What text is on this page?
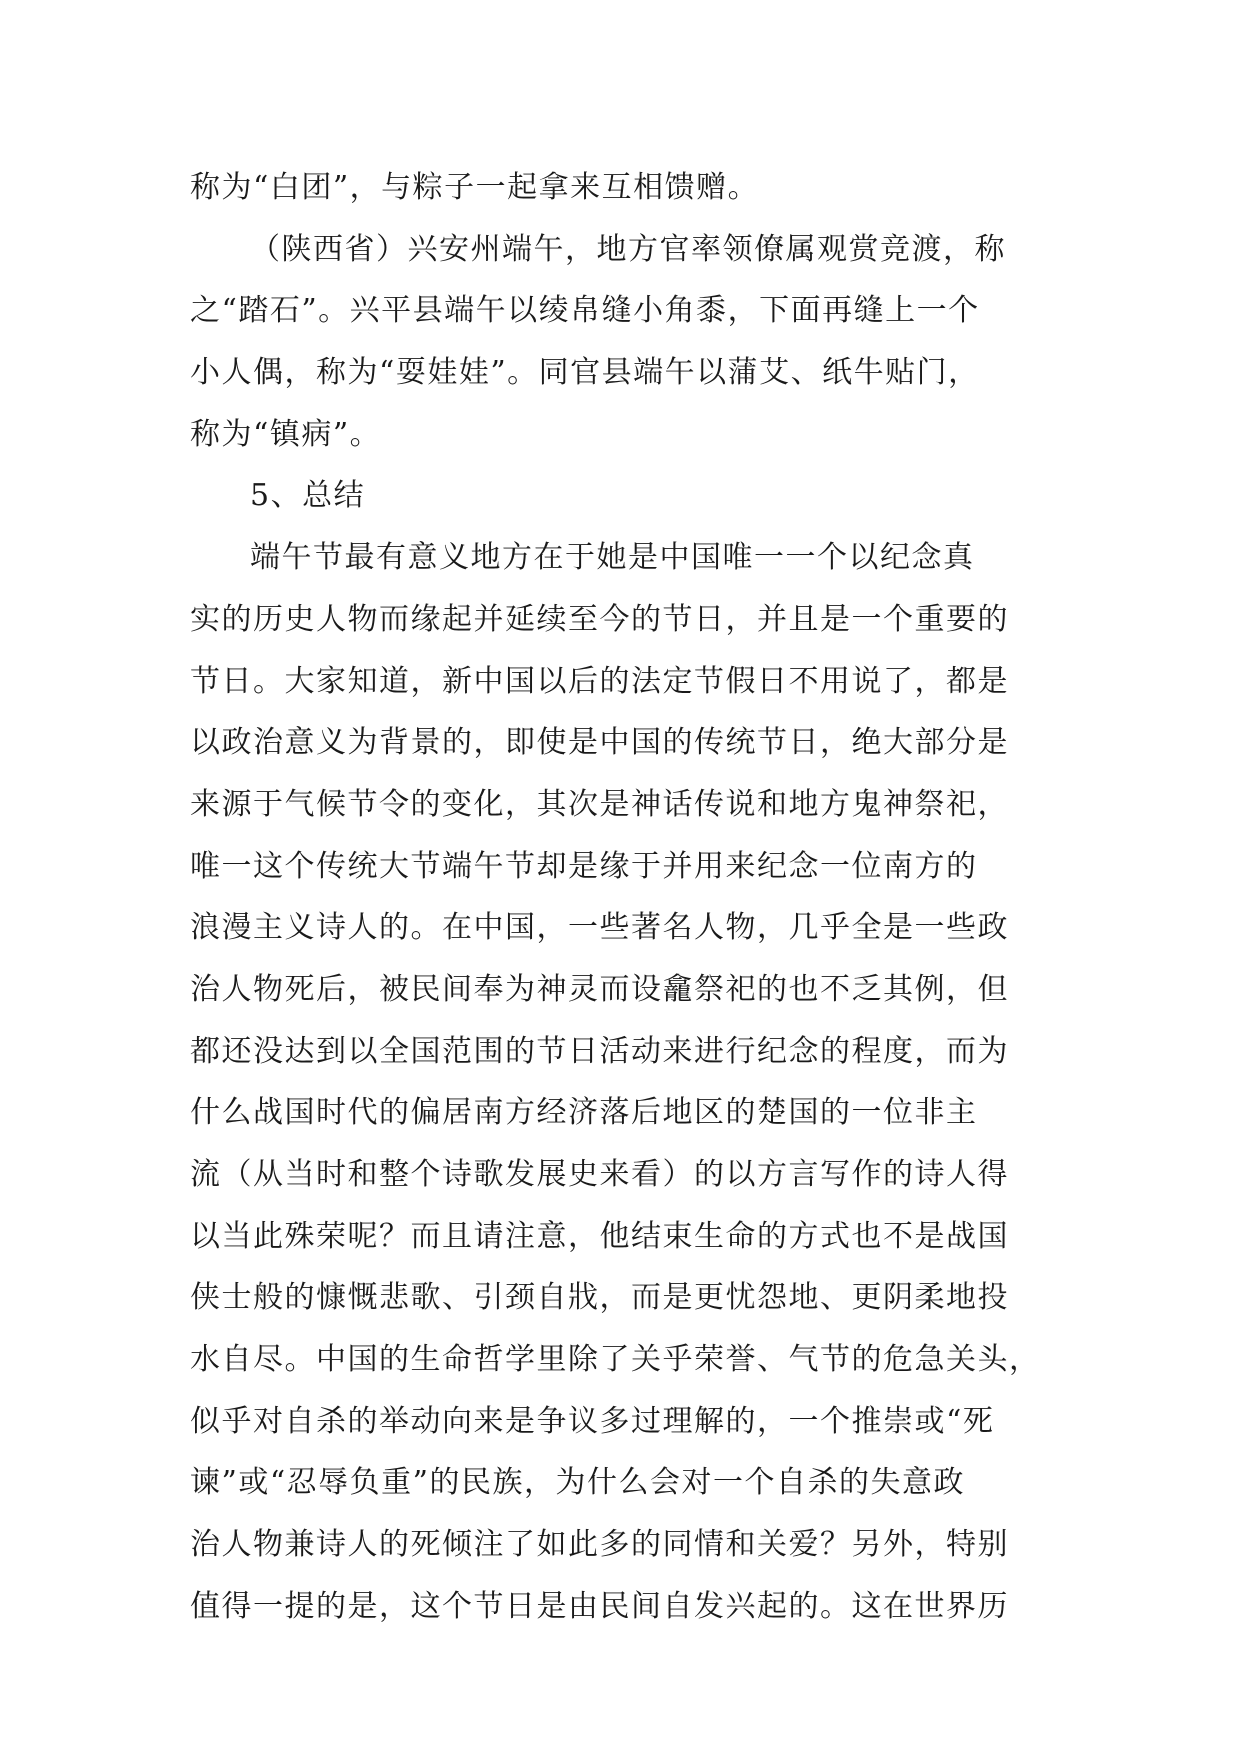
称为“白团”，与粽子一起拿来互相馈赠。
（陕西省）兴安州端午，地方官率领僚属观赏竞渡，称
之“踏石”。兴平县端午以绫帛缝小角黍，下面再缝上一个
小人偶，称为“耍娃娃”。同官县端午以蒲艾、纸牛贴门，
称为“镇病”。
5、总结
端午节最有意义地方在于她是中国唯一一个以纪念真
实的历史人物而缘起并延续至今的节日，并且是一个重要的
节日。大家知道，新中国以后的法定节假日不用说了，都是
以政治意义为背景的，即使是中国的传统节日，绝大部分是
来源于气候节令的变化，其次是神话传说和地方鬼神祭祀，
唯一这个传统大节端午节却是缘于并用来纪念一位南方的
浪漫主义诗人的。在中国，一些著名人物，几乎全是一些政
治人物死后，被民间奉为神灵而设龕祭祀的也不乏其例，但
都还没达到以全国范围的节日活动来进行纪念的程度，而为
什么战国时代的偏居南方经济落后地区的楚国的一位非主
流（从当时和整个诗歌发展史来看）的以方言写作的诗人得
以当此殊荣呢？而且请注意，他结束生命的方式也不是战国
侠士般的慷慨悲歌、引颈自戕，而是更忧怨地、更阴柔地投
水自尽。中国的生命哲学里除了关乎荣誉、气节的危急关头，
似乎对自杀的举动向来是争议多过理解的，一个推崇或“死
谏”或“忍辱负重”的民族，为什么会对一个自杀的失意政
治人物兼诗人的死倾注了如此多的同情和关爱？另外，特别
值得一提的是，这个节日是由民间自发兴起的。这在世界历
